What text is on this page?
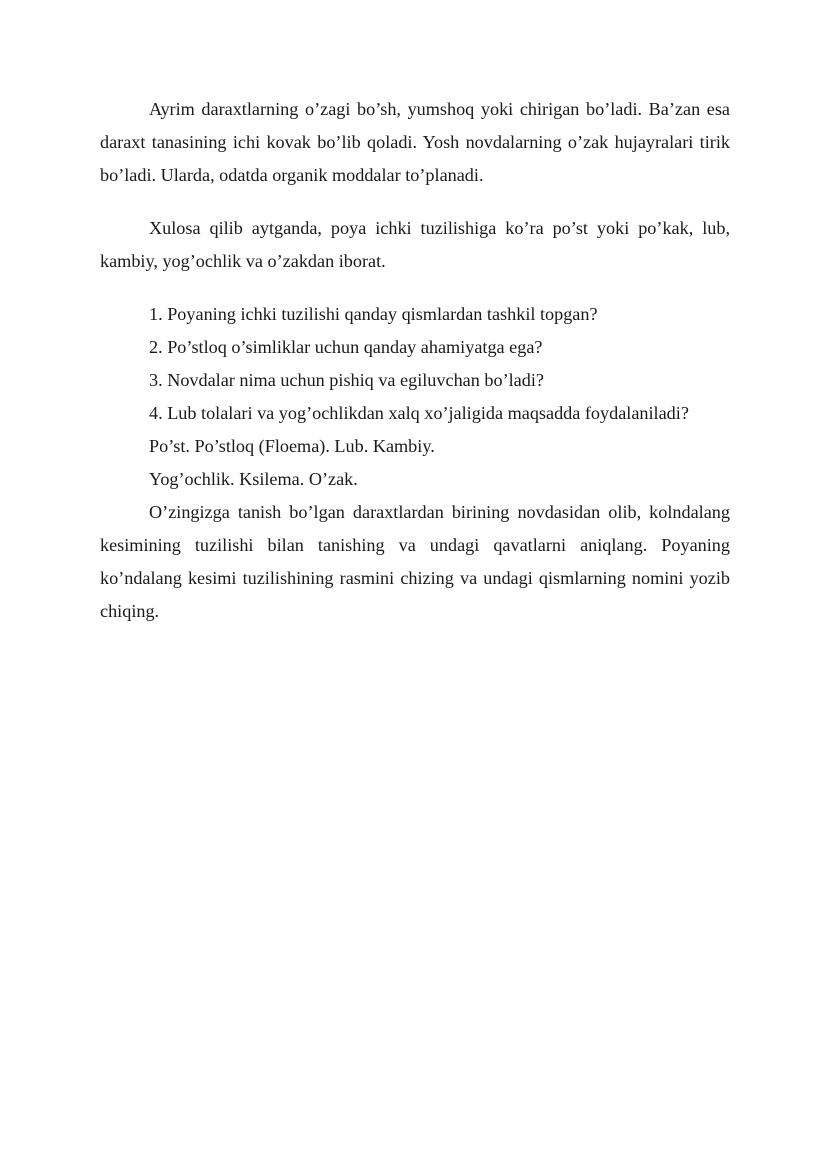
Ayrim daraxtlarning o’zagi bo’sh, yumshoq yoki chirigan bo’ladi. Ba’zan esa daraxt tanasining ichi kovak bo’lib qoladi. Yosh novdalarning o’zak hujayralari tirik bo’ladi. Ularda, odatda organik moddalar to’planadi.

Xulosa qilib aytganda, poya ichki tuzilishiga ko’ra po’st yoki po’kak, lub, kambiy, yog’ochlik va o’zakdan iborat.

1. Poyaning ichki tuzilishi qanday qismlardan tashkil topgan?

2. Po’stloq o’simliklar uchun qanday ahamiyatga ega?

3. Novdalar nima uchun pishiq va egiluvchan bo’ladi?

4. Lub tolalari va yog’ochlikdan xalq xo’jaligida maqsadda foydalaniladi?

Po’st. Po’stloq (Floema). Lub. Kambiy.

Yog’ochlik. Ksilema. O’zak.

O’zingizga tanish bo’lgan daraxtlardan birining novdasidan olib, kolndalang kesimining tuzilishi bilan tanishing va undagi qavatlarni aniqlang. Poyaning ko’ndalang kesimi tuzilishining rasmini chizing va undagi qismlarning nomini yozib chiqing.
